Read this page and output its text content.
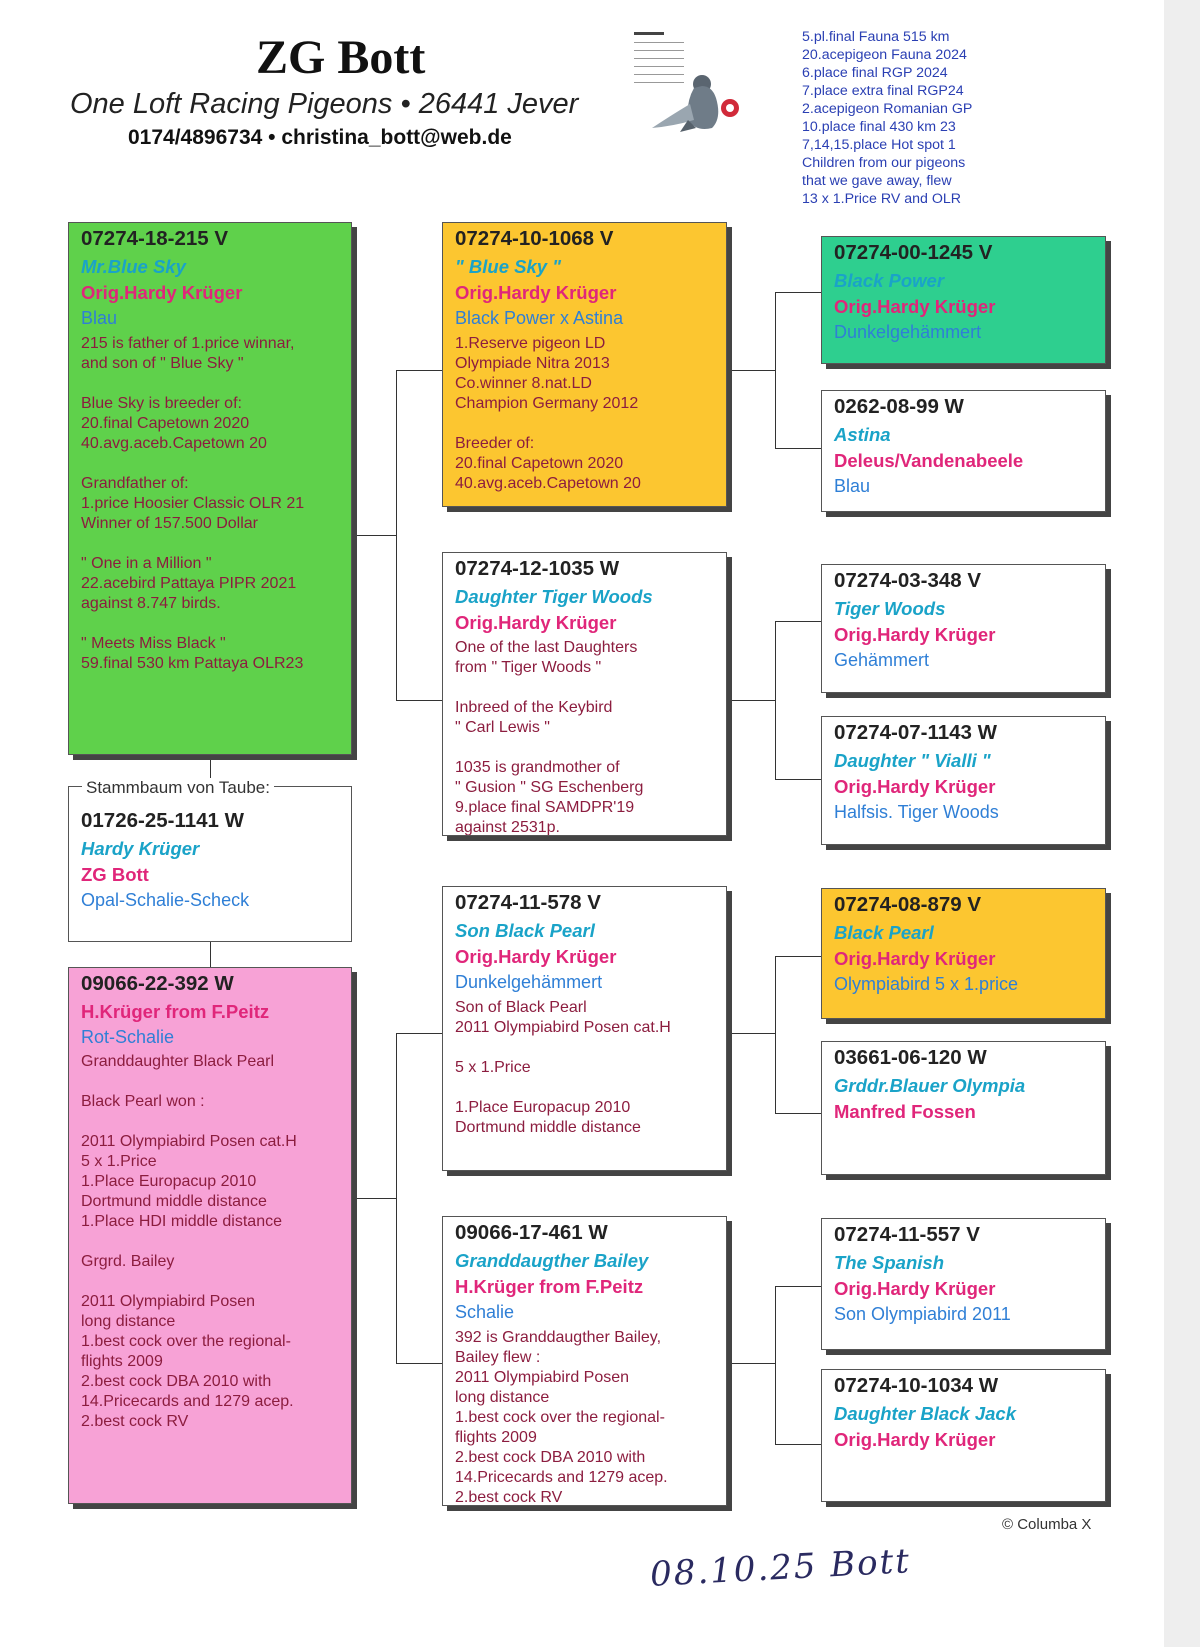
ZG Bott
One Loft Racing Pigeons • 26441 Jever
0174/4896734 • christina_bott@web.de
5.pl.final Fauna 515 km
20.acepigeon Fauna 2024
6.place final RGP 2024
7.place extra final RGP24
2.acepigeon Romanian GP
10.place final 430 km 23
7,14,15.place Hot spot 1
Children from our pigeons
that we gave away, flew
13 x 1.Price RV and OLR
07274-18-215 V
Mr.Blue Sky
Orig.Hardy Krüger
Blau
215 is father of 1.price winnar,
and son of " Blue Sky "
Blue Sky is breeder of:
20.final Capetown 2020
40.avg.aceb.Capetown 20
Grandfather of:
1.price Hoosier Classic OLR 21
Winner of 157.500 Dollar
" One in a Million "
22.acebird Pattaya PIPR 2021
against 8.747 birds.
" Meets Miss Black "
59.final 530 km Pattaya OLR23
01726-25-1141 W
Hardy Krüger
ZG Bott
Opal-Schalie-Scheck
Stammbaum von Taube:
09066-22-392 W
H.Krüger from F.Peitz
Rot-Schalie
Granddaughter Black Pearl
Black Pearl won :
2011 Olympiabird Posen cat.H
5 x 1.Price
1.Place Europacup 2010
Dortmund middle distance
1.Place HDI middle distance
Grgrd. Bailey
2011 Olympiabird Posen
long distance
1.best cock over the regional-
flights 2009
2.best cock DBA 2010 with
14.Pricecards and 1279 acep.
2.best cock RV
07274-10-1068 V
" Blue Sky "
Orig.Hardy Krüger
Black Power x Astina
1.Reserve pigeon LD
Olympiade Nitra 2013
Co.winner 8.nat.LD
Champion Germany 2012
Breeder of:
20.final Capetown 2020
40.avg.aceb.Capetown 20
07274-12-1035 W
Daughter Tiger Woods
Orig.Hardy Krüger
One of the last Daughters
from " Tiger Woods "
Inbreed of the Keybird
" Carl Lewis "
1035 is grandmother of
" Gusion " SG Eschenberg
9.place final SAMDPR'19
against 2531p.
07274-11-578 V
Son Black Pearl
Orig.Hardy Krüger
Dunkelgehämmert
Son of Black Pearl
2011 Olympiabird Posen cat.H
5 x 1.Price
1.Place Europacup 2010
Dortmund middle distance
09066-17-461 W
Granddaugther Bailey
H.Krüger from F.Peitz
Schalie
392 is Granddaugther Bailey,
Bailey flew :
2011 Olympiabird Posen
long distance
1.best cock over the regional-
flights 2009
2.best cock DBA 2010 with
14.Pricecards and 1279 acep.
2.best cock RV
07274-00-1245 V
Black Power
Orig.Hardy Krüger
Dunkelgehämmert
0262-08-99 W
Astina
Deleus/Vandenabeele
Blau
07274-03-348 V
Tiger Woods
Orig.Hardy Krüger
Gehämmert
07274-07-1143 W
Daughter " Vialli "
Orig.Hardy Krüger
Halfsis. Tiger Woods
07274-08-879 V
Black Pearl
Orig.Hardy Krüger
Olympiabird 5 x 1.price
03661-06-120 W
Grddr.Blauer Olympia
Manfred Fossen
07274-11-557 V
The Spanish
Orig.Hardy Krüger
Son Olympiabird 2011
07274-10-1034 W
Daughter Black Jack
Orig.Hardy Krüger
© Columba X
08.10.25 Bott
